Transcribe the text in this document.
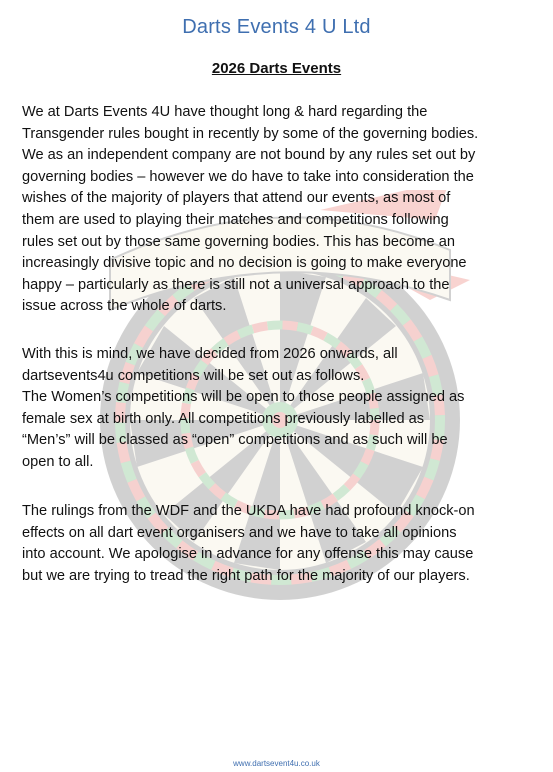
Darts Events 4 U Ltd
2026 Darts Events

We at Darts Events 4U have thought long & hard regarding the
Transgender rules bought in recently by some of the governing bodies.
We as an independent company are not bound by any rules set out by
governing bodies – however we do have to take into consideration the
wishes of the majority of players that attend our events, as most of
them are used to playing their matches and competitions following
rules set out by those same governing bodies. This has become an
increasingly divisive topic and no decision is going to make everyone
happy – particularly as there is still not a universal approach to the
issue across the whole of darts.

With this is mind, we have decided from 2026 onwards, all
dartsevents4u competitions will be set out as follows.
The Women’s competitions will be open to those people assigned as
female sex at birth only. All competitions previously labelled as
“Men’s” will be classed as “open” competitions and as such will be
open to all.

The rulings from the WDF and the UKDA have had profound knock-on
effects on all dart event organisers and we have to take all opinions
into account. We apologise in advance for any offense this may cause
but we are trying to tread the right path for the majority of our players.

www.dartsevent4u.co.uk
